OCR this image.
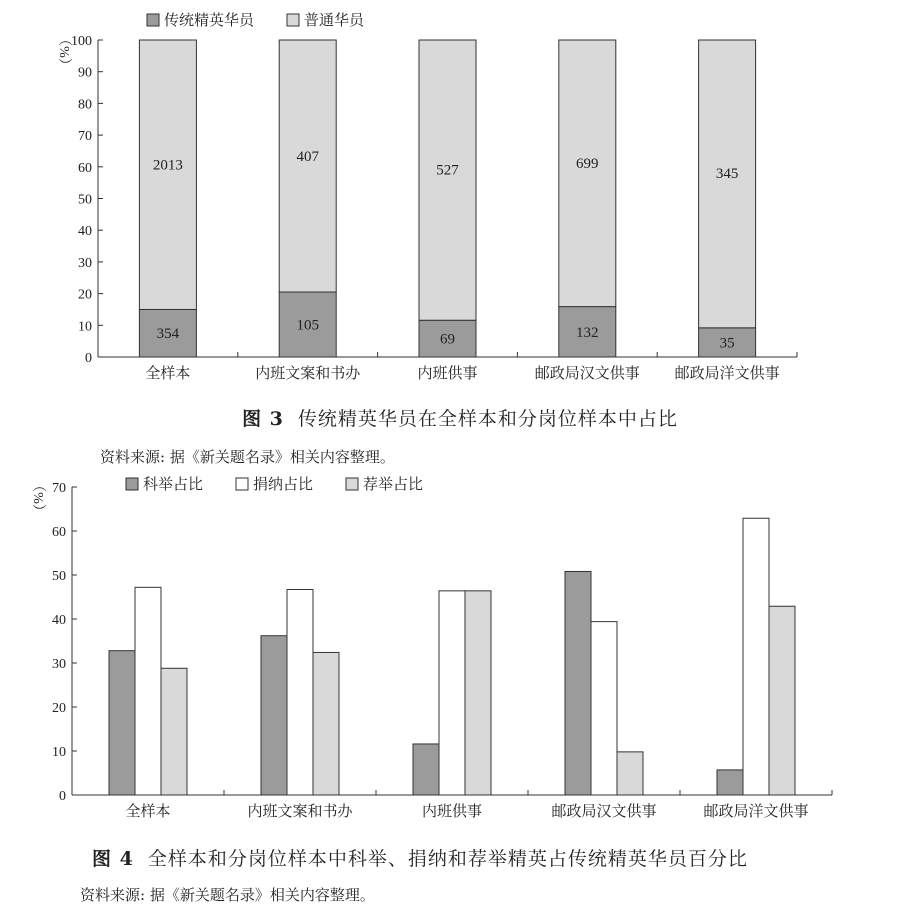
0
10
20
30
40
50
60
70
80
90
100
（%）
354
2013
全样本
105
407
内班文案和书办
69
527
内班供事
132
699
邮政局汉文供事
35
345
邮政局洋文供事
传统精英华员	普通华员
0
10
20
30
40
50
60
70
（%）
全样本	内班文案和书办	内班供事	邮政局汉文供事	邮政局洋文供事
科举占比	捐纳占比	荐举占比
图 3 传统精英华员在全样本和分岗位样本中占比
资料来源: 据《新关题名录》相关内容整理。
图 4 全样本和分岗位样本中科举、捐纳和荐举精英占传统精英华员百分比
资料来源: 据《新关题名录》相关内容整理。
